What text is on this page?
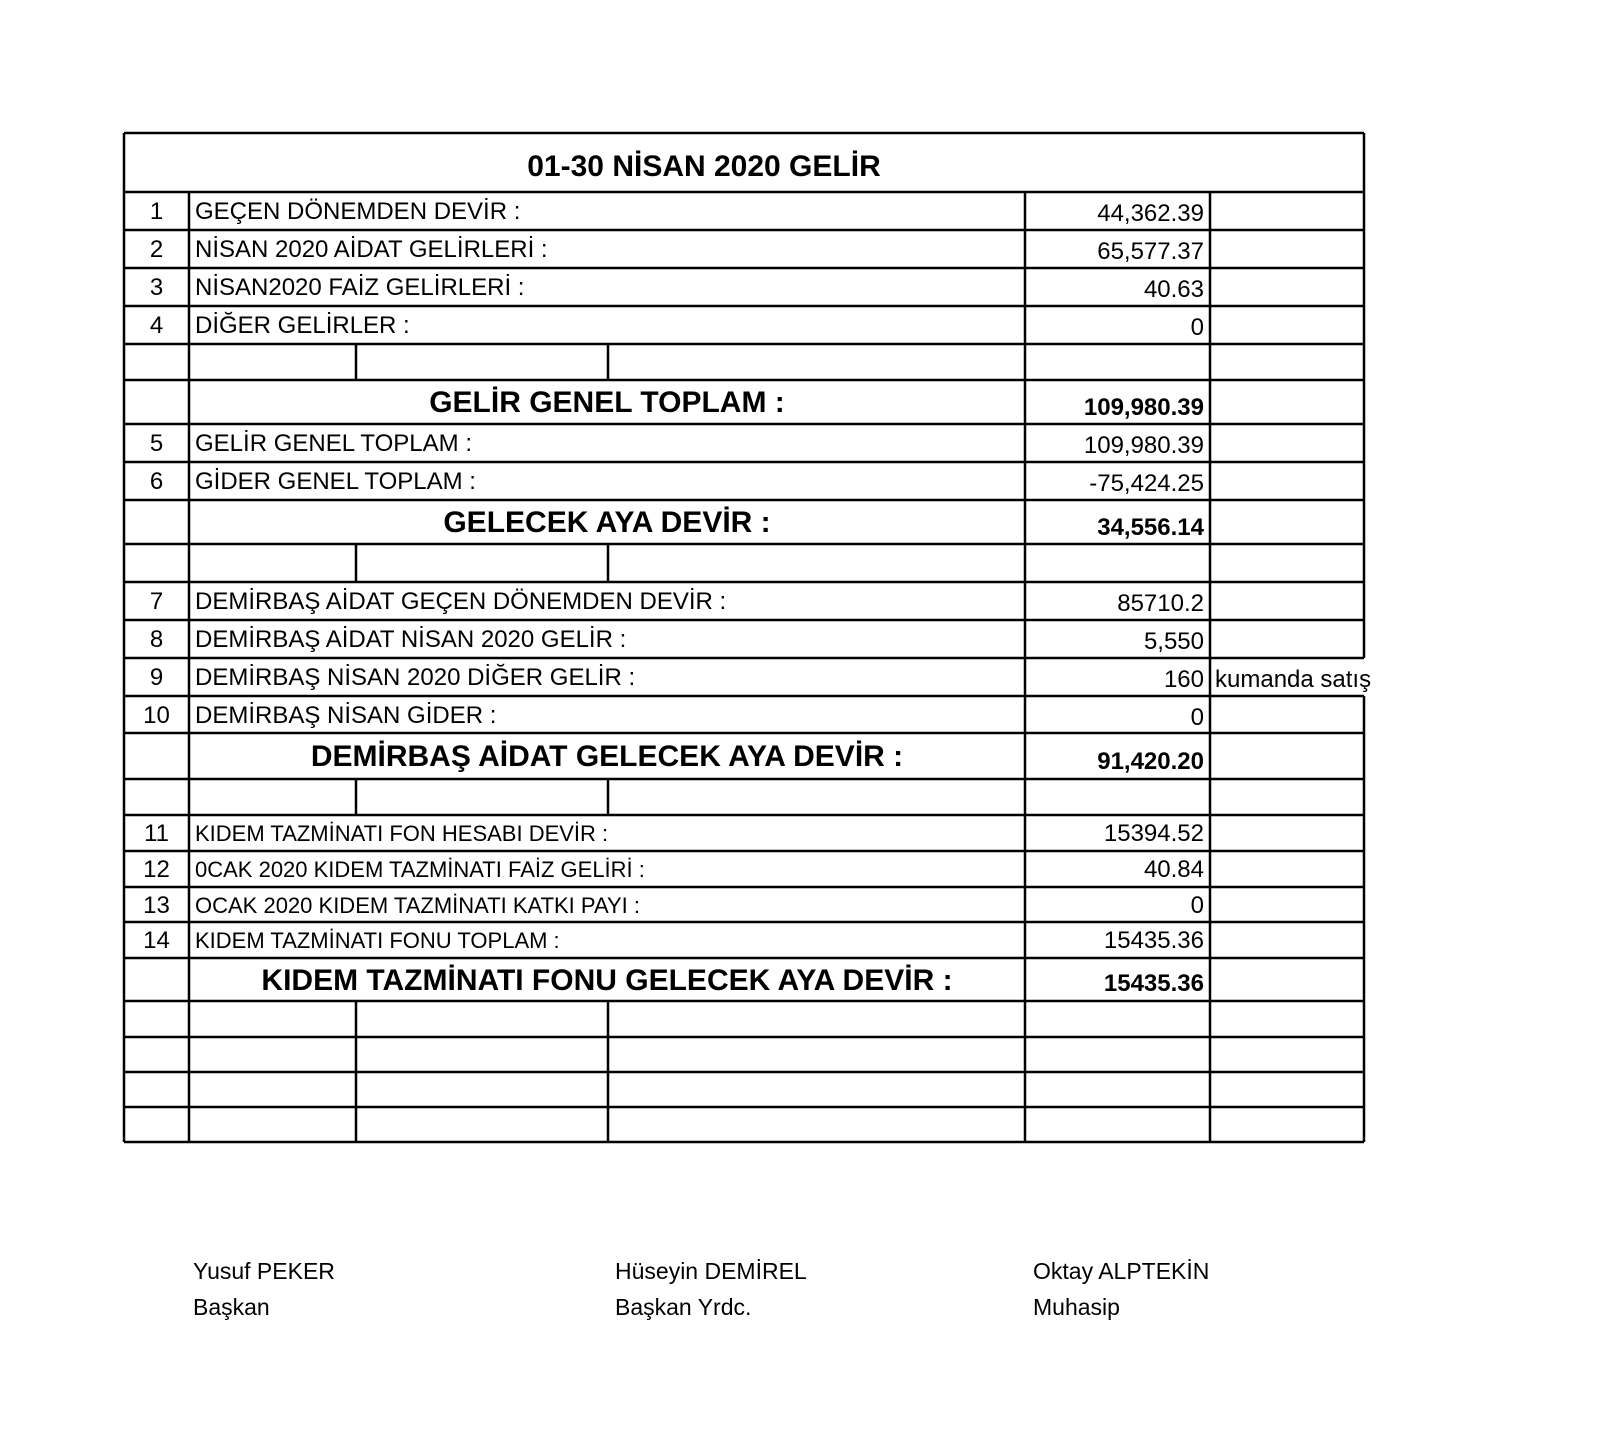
01-30 NİSAN 2020 GELİR
1	GEÇEN DÖNEMDEN DEVİR :	44,362.39
2	NİSAN 2020 AİDAT GELİRLERİ :	65,577.37
3	NİSAN2020 FAİZ GELİRLERİ :	40.63
4	DİĞER GELİRLER :	0
GELİR GENEL TOPLAM :	109,980.39
5	GELİR GENEL TOPLAM :	109,980.39
6	GİDER GENEL TOPLAM :	-75,424.25
GELECEK AYA DEVİR :	34,556.14
7	DEMİRBAŞ AİDAT GEÇEN DÖNEMDEN DEVİR :	85710.2
8	DEMİRBAŞ AİDAT NİSAN 2020 GELİR :	5,550
9	DEMİRBAŞ NİSAN 2020 DİĞER GELİR :	160 kumanda satış
10	DEMİRBAŞ NİSAN GİDER :	0
DEMİRBAŞ AİDAT GELECEK AYA DEVİR :	91,420.20
11	KIDEM TAZMİNATI FON HESABI DEVİR :	15394.52
12	0CAK 2020 KIDEM TAZMİNATI FAİZ GELİRİ :	40.84
13	OCAK 2020 KIDEM TAZMİNATI KATKI PAYI :	0
14	KIDEM TAZMİNATI FONU TOPLAM :	15435.36
KIDEM TAZMİNATI FONU GELECEK AYA DEVİR :	15435.36
Yusuf PEKER
Başkan
Hüseyin DEMİREL
Başkan Yrdc.
Oktay ALPTEKİN
Muhasip
